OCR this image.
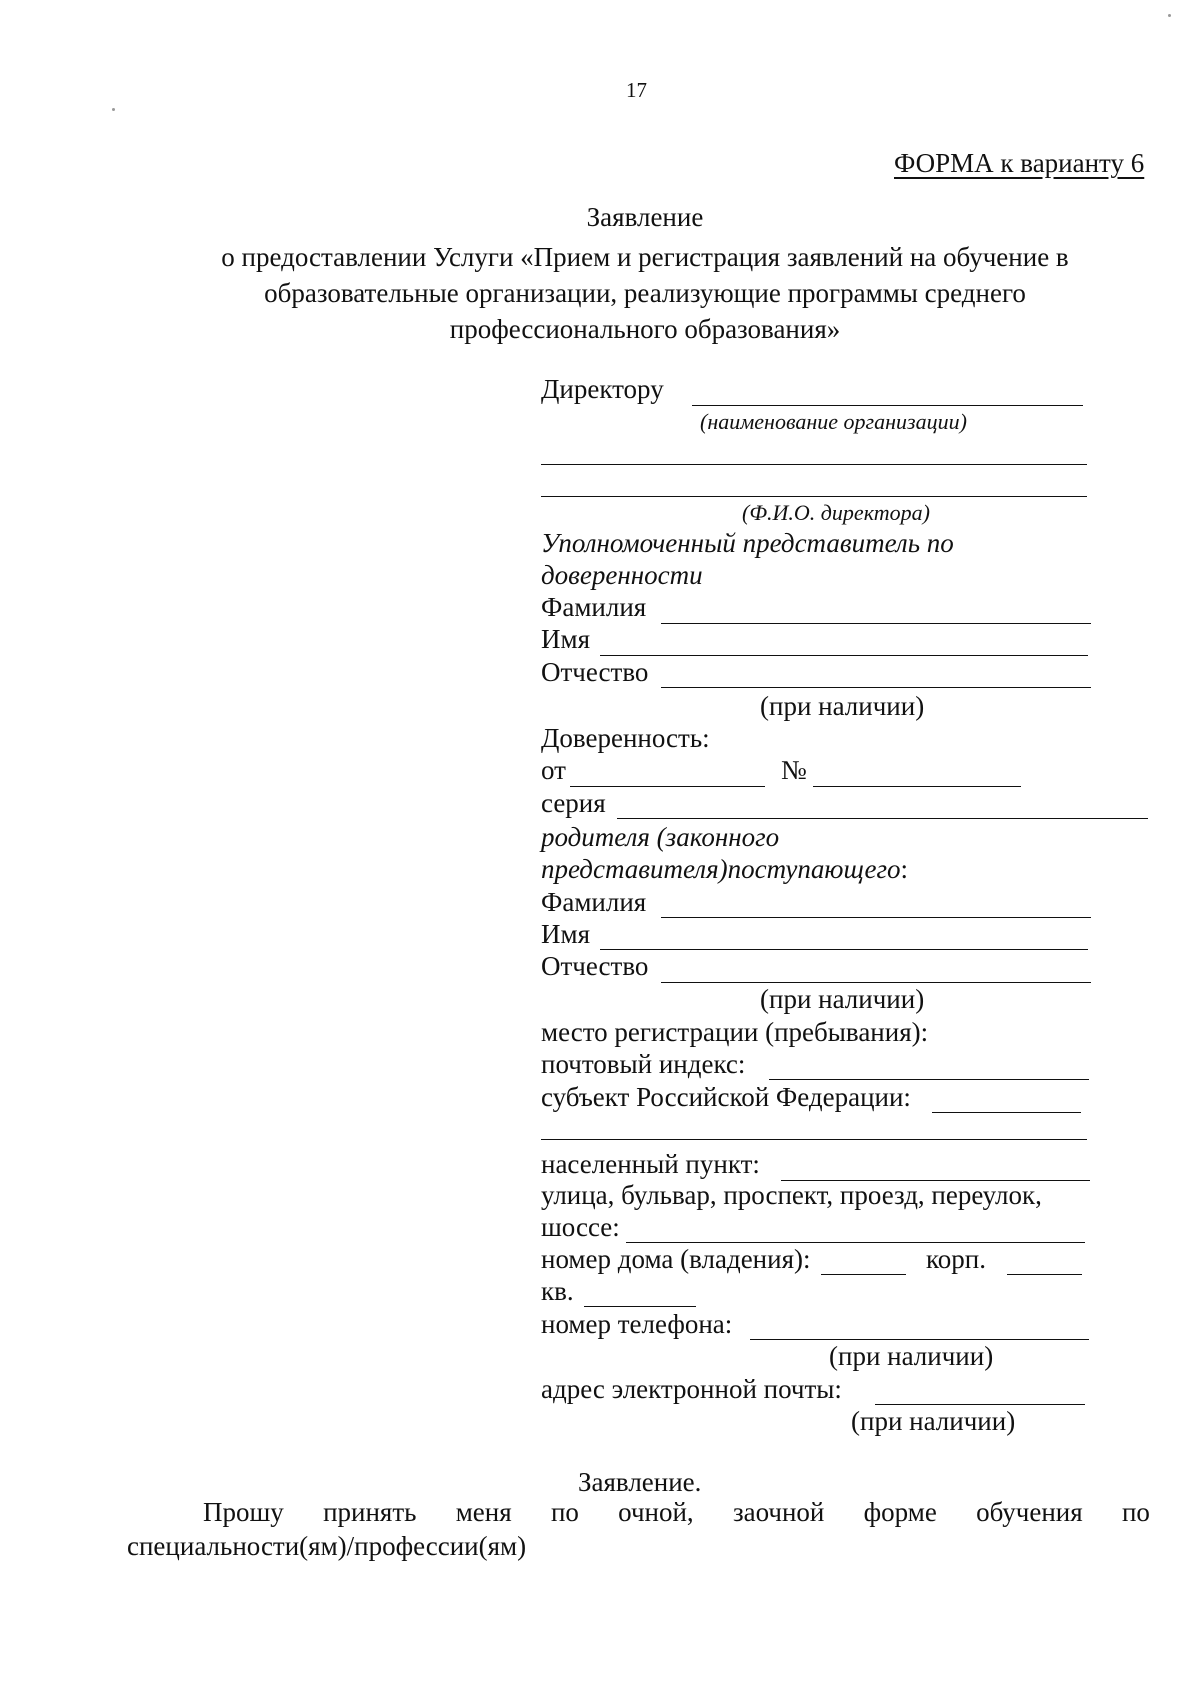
17
ФОРМА к варианту 6
Заявление
о предоставлении Услуги «Прием и регистрация заявлений на обучение в
образовательные организации, реализующие программы среднего
профессионального образования»
Директору
(наименование организации)
(Ф.И.О. директора)
Уполномоченный представитель по
доверенности
Фамилия
Имя
Отчество
(при наличии)
Доверенность:
от	№
серия
родителя (законного
представителя)поступающего:
Фамилия
Имя
Отчество
(при наличии)
место регистрации (пребывания):
почтовый индекс:
субъект Российской Федерации:
населенный пункт:
улица, бульвар, проспект, проезд, переулок,
шоссе:
номер дома (владения):	корп.
кв.
номер телефона:
(при наличии)
адрес электронной почты:
(при наличии)
Заявление.
Прошу принять меня по очной, заочной форме обучения по
специальности(ям)/профессии(ям)
